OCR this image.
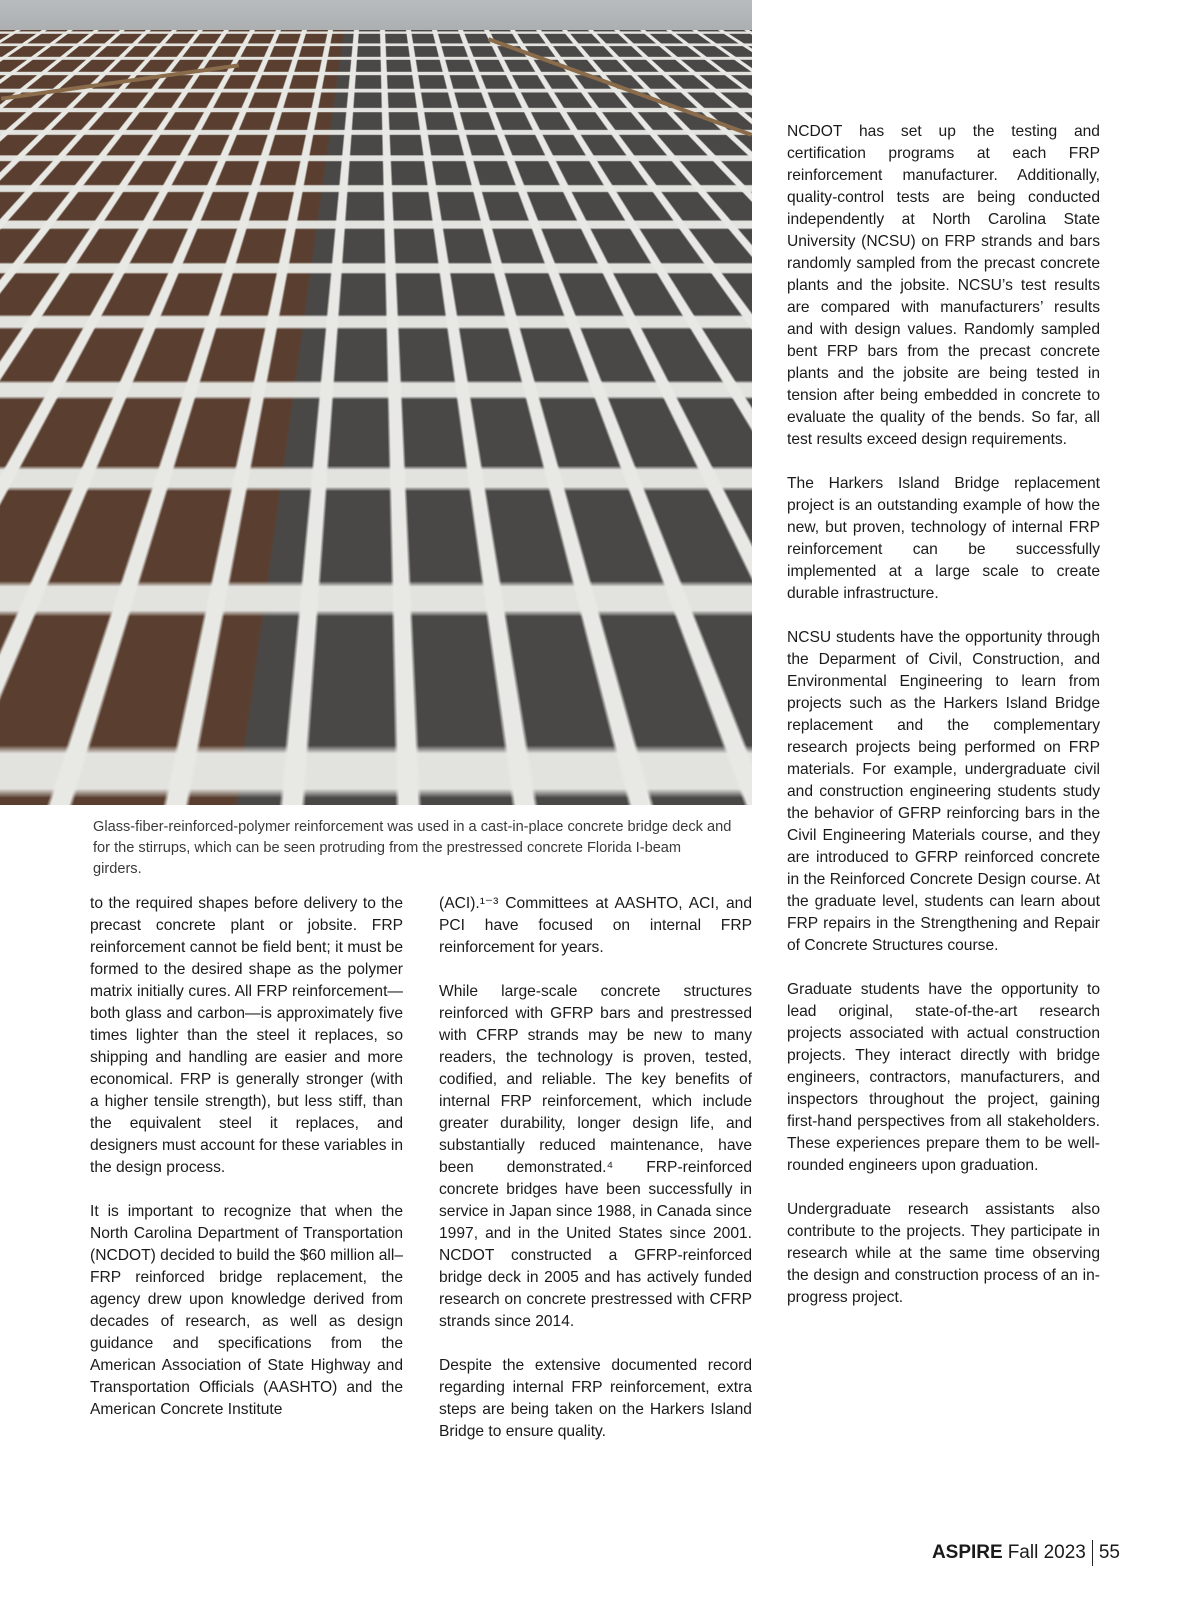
Glass-fiber-reinforced-polymer reinforcement was used in a cast-in-place concrete bridge deck and for the stirrups, which can be seen protruding from the prestressed concrete Florida I-beam girders.

to the required shapes before delivery to the precast concrete plant or jobsite. FRP reinforcement cannot be field bent; it must be formed to the desired shape as the polymer matrix initially cures. All FRP reinforcement—both glass and carbon—is approximately five times lighter than the steel it replaces, so shipping and handling are easier and more economical. FRP is generally stronger (with a higher tensile strength), but less stiff, than the equivalent steel it replaces, and designers must account for these variables in the design process.

It is important to recognize that when the North Carolina Department of Transportation (NCDOT) decided to build the $60 million all–FRP reinforced bridge replacement, the agency drew upon knowledge derived from decades of research, as well as design guidance and specifications from the American Association of State Highway and Transportation Officials (AASHTO) and the American Concrete Institute

(ACI).¹⁻³ Committees at AASHTO, ACI, and PCI have focused on internal FRP reinforcement for years.

While large-scale concrete structures reinforced with GFRP bars and prestressed with CFRP strands may be new to many readers, the technology is proven, tested, codified, and reliable. The key benefits of internal FRP reinforcement, which include greater durability, longer design life, and substantially reduced maintenance, have been demonstrated.⁴ FRP-reinforced concrete bridges have been successfully in service in Japan since 1988, in Canada since 1997, and in the United States since 2001. NCDOT constructed a GFRP-reinforced bridge deck in 2005 and has actively funded research on concrete prestressed with CFRP strands since 2014.

Despite the extensive documented record regarding internal FRP reinforcement, extra steps are being taken on the Harkers Island Bridge to ensure quality.

NCDOT has set up the testing and certification programs at each FRP reinforcement manufacturer. Additionally, quality-control tests are being conducted independently at North Carolina State University (NCSU) on FRP strands and bars randomly sampled from the precast concrete plants and the jobsite. NCSU’s test results are compared with manufacturers’ results and with design values. Randomly sampled bent FRP bars from the precast concrete plants and the jobsite are being tested in tension after being embedded in concrete to evaluate the quality of the bends. So far, all test results exceed design requirements.

The Harkers Island Bridge replacement project is an outstanding example of how the new, but proven, technology of internal FRP reinforcement can be successfully implemented at a large scale to create durable infrastructure.

NCSU students have the opportunity through the Deparment of Civil, Construction, and Environmental Engineering to learn from projects such as the Harkers Island Bridge replacement and the complementary research projects being performed on FRP materials. For example, undergraduate civil and construction engineering students study the behavior of GFRP reinforcing bars in the Civil Engineering Materials course, and they are introduced to GFRP reinforced concrete in the Reinforced Concrete Design course. At the graduate level, students can learn about FRP repairs in the Strengthening and Repair of Concrete Structures course.

Graduate students have the opportunity to lead original, state-of-the-art research projects associated with actual construction projects. They interact directly with bridge engineers, contractors, manufacturers, and inspectors throughout the project, gaining first-hand perspectives from all stakeholders. These experiences prepare them to be well-rounded engineers upon graduation.

Undergraduate research assistants also contribute to the projects. They participate in research while at the same time observing the design and construction process of an in-progress project.

ASPIRE Fall 2023 55
